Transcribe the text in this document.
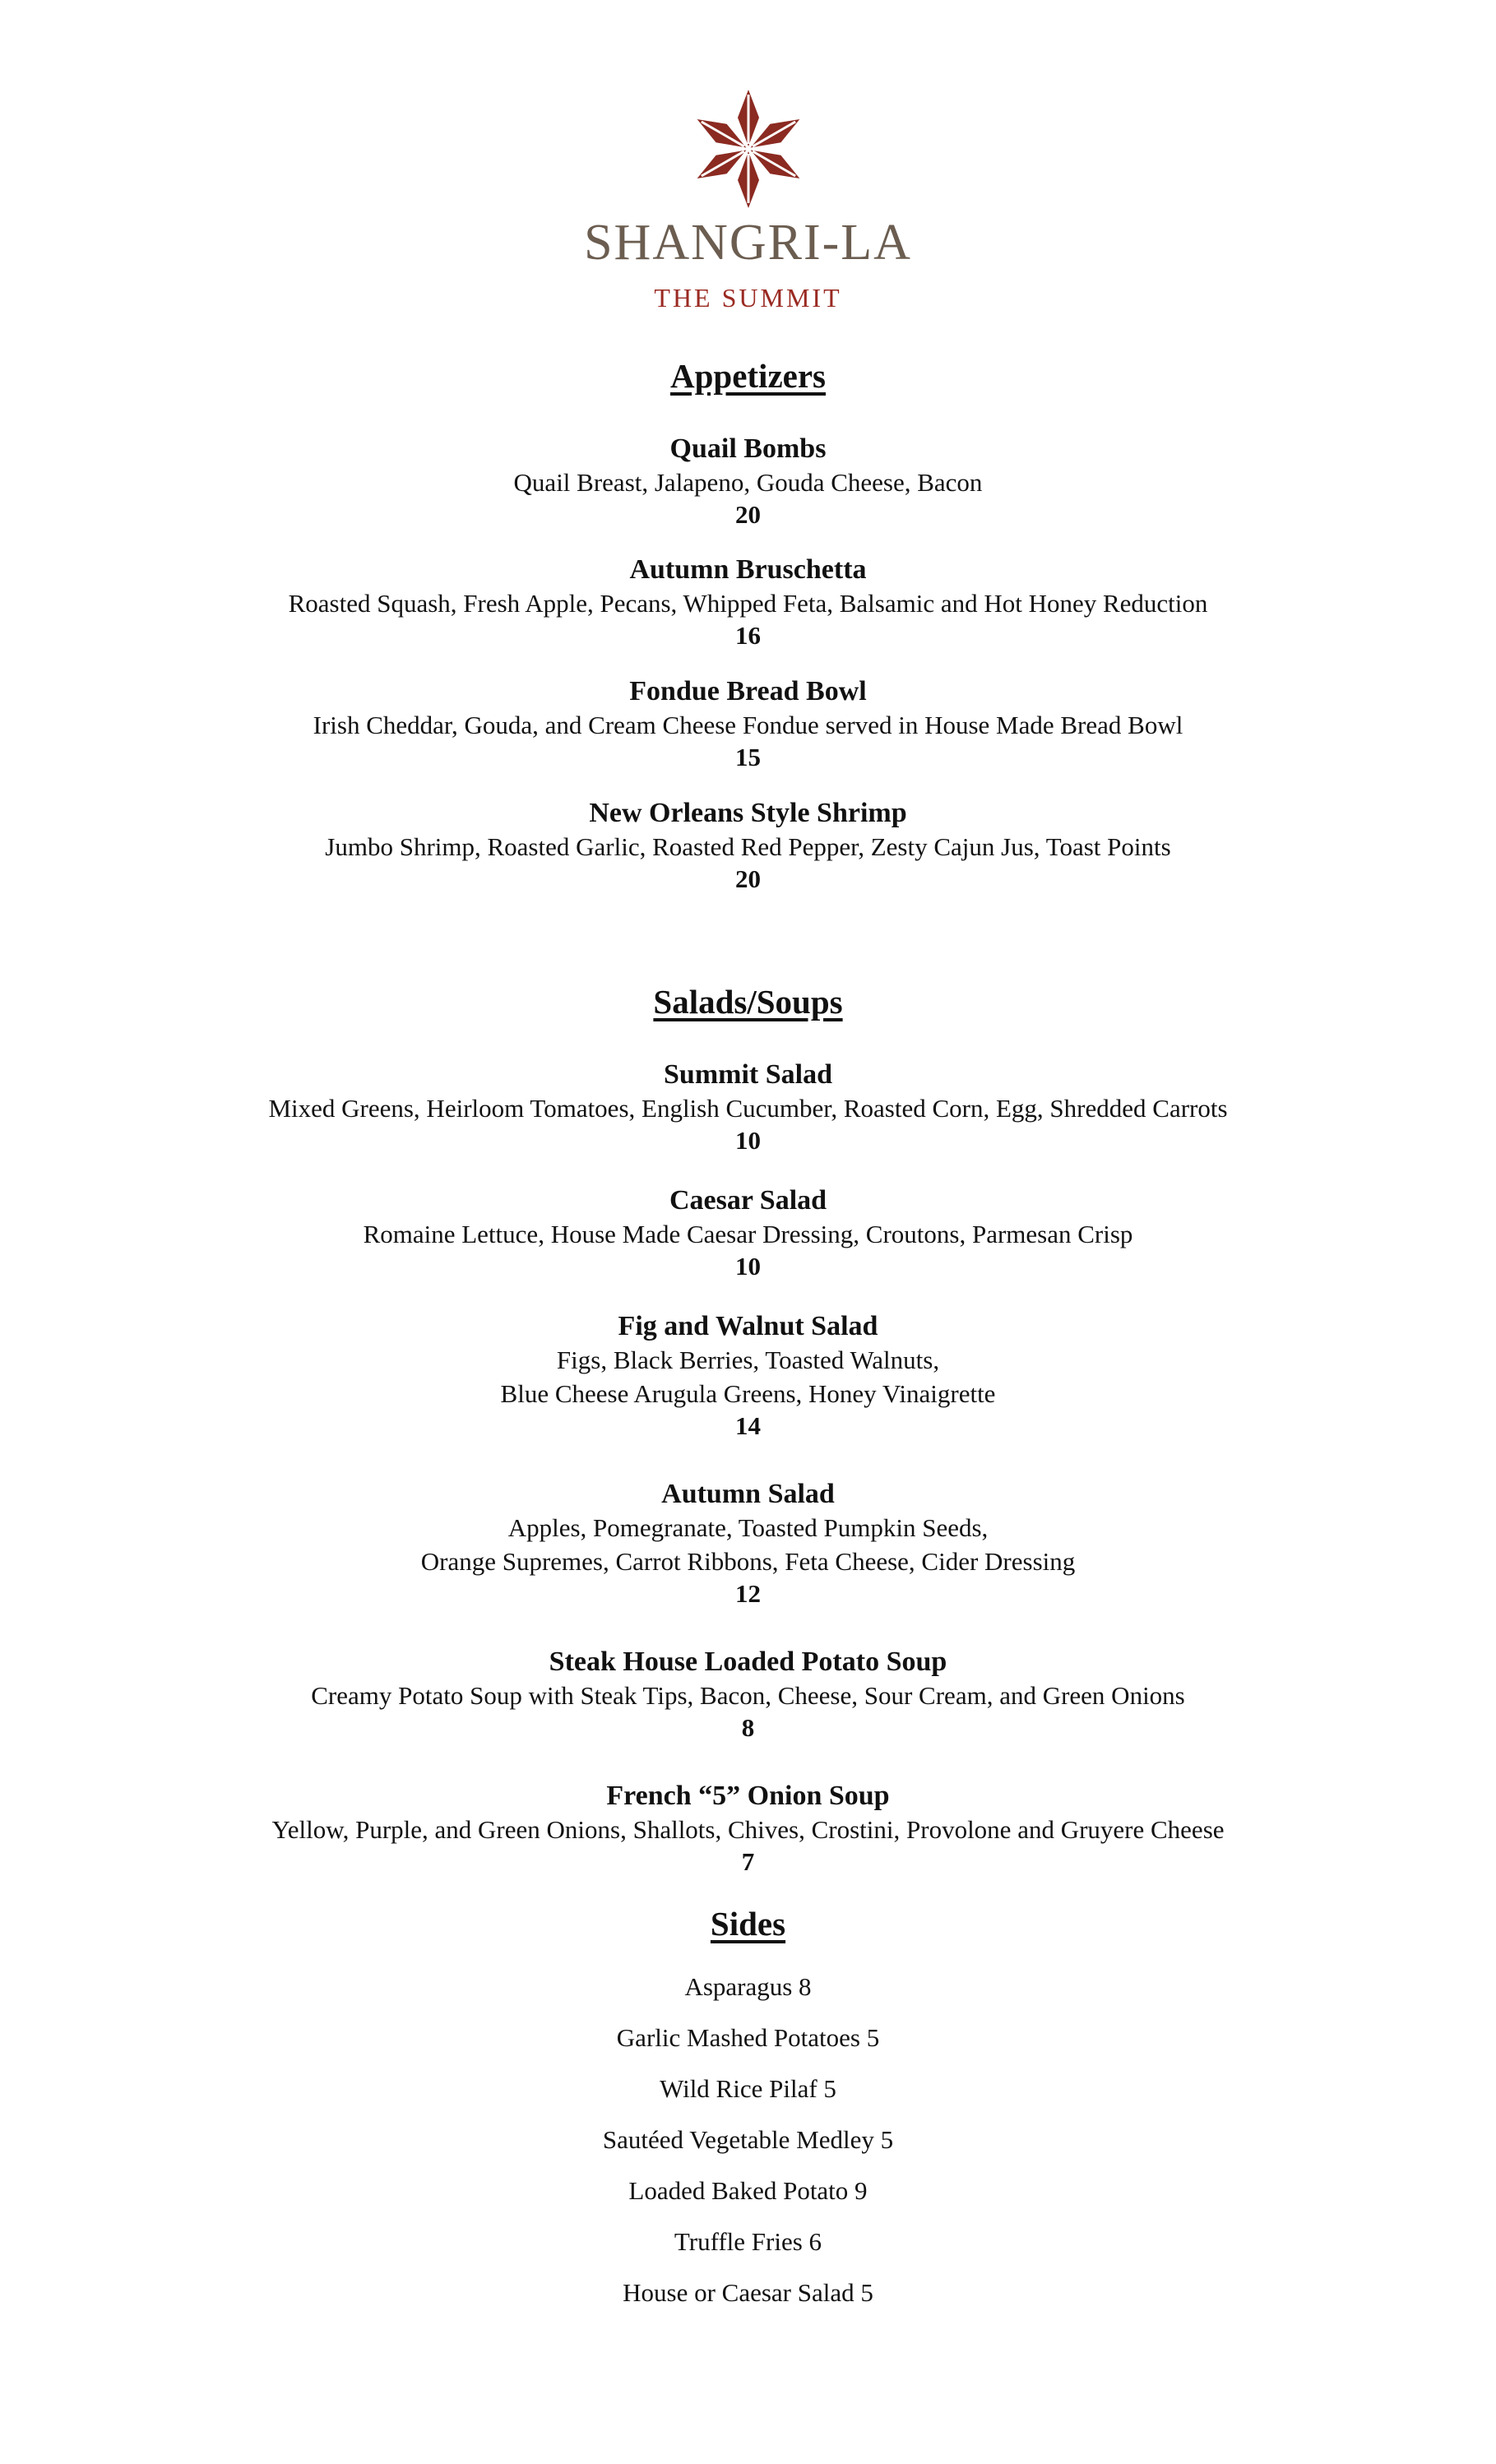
SHANGRI-LA
THE SUMMIT
Appetizers
Quail Bombs
Quail Breast, Jalapeno, Gouda Cheese, Bacon
20
Autumn Bruschetta
Roasted Squash, Fresh Apple, Pecans, Whipped Feta, Balsamic and Hot Honey Reduction
16
Fondue Bread Bowl
Irish Cheddar, Gouda, and Cream Cheese Fondue served in House Made Bread Bowl
15
New Orleans Style Shrimp
Jumbo Shrimp, Roasted Garlic, Roasted Red Pepper, Zesty Cajun Jus, Toast Points
20
Salads/Soups
Summit Salad
Mixed Greens, Heirloom Tomatoes, English Cucumber, Roasted Corn, Egg, Shredded Carrots
10
Caesar Salad
Romaine Lettuce, House Made Caesar Dressing, Croutons, Parmesan Crisp
10
Fig and Walnut Salad
Figs, Black Berries, Toasted Walnuts,
Blue Cheese Arugula Greens, Honey Vinaigrette
14
Autumn Salad
Apples, Pomegranate, Toasted Pumpkin Seeds,
Orange Supremes, Carrot Ribbons, Feta Cheese, Cider Dressing
12
Steak House Loaded Potato Soup
Creamy Potato Soup with Steak Tips, Bacon, Cheese, Sour Cream, and Green Onions
8
French “5” Onion Soup
Yellow, Purple, and Green Onions, Shallots, Chives, Crostini, Provolone and Gruyere Cheese
7
Sides
Asparagus 8
Garlic Mashed Potatoes 5
Wild Rice Pilaf 5
Sautéed Vegetable Medley 5
Loaded Baked Potato 9
Truffle Fries 6
House or Caesar Salad 5
